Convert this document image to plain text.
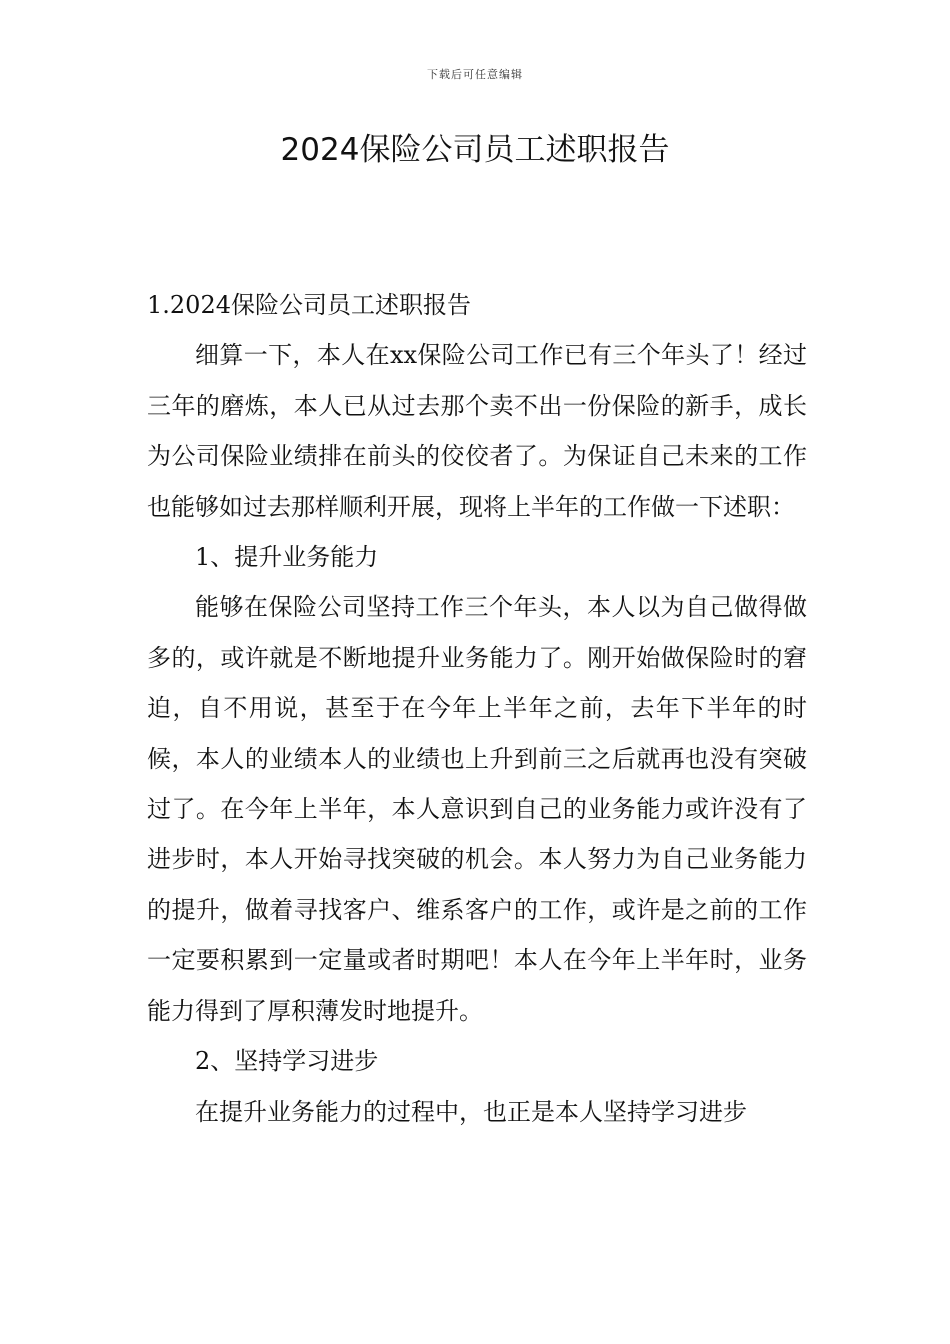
下载后可任意编辑
2024保险公司员工述职报告

1.2024保险公司员工述职报告

细算一下，本人在xx保险公司工作已有三个年头了！经过三年的磨炼，本人已从过去那个卖不出一份保险的新手，成长为公司保险业绩排在前头的佼佼者了。为保证自己未来的工作也能够如过去那样顺利开展，现将上半年的工作做一下述职：

1、提升业务能力

能够在保险公司坚持工作三个年头，本人以为自己做得做多的，或许就是不断地提升业务能力了。刚开始做保险时的窘迫，自不用说，甚至于在今年上半年之前，去年下半年的时候，本人的业绩本人的业绩也上升到前三之后就再也没有突破过了。在今年上半年，本人意识到自己的业务能力或许没有了进步时，本人开始寻找突破的机会。本人努力为自己业务能力的提升，做着寻找客户、维系客户的工作，或许是之前的工作一定要积累到一定量或者时期吧！本人在今年上半年时，业务能力得到了厚积薄发时地提升。

2、坚持学习进步

在提升业务能力的过程中，也正是本人坚持学习进步
